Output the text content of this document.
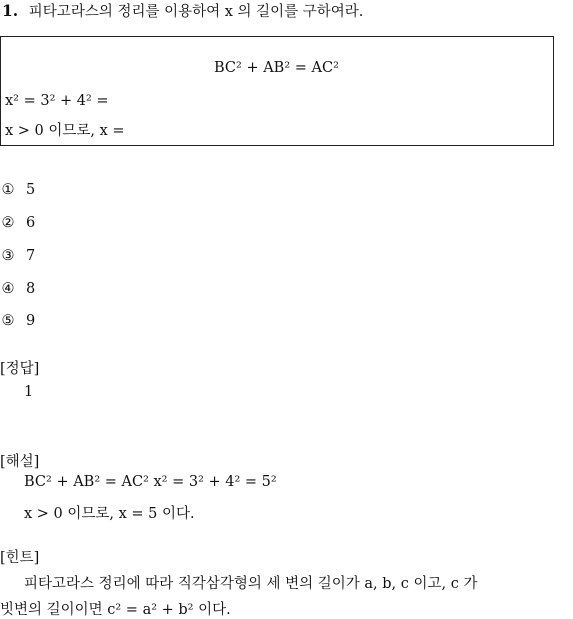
1. 피타고라스의 정리를 이용하여 x 의 길이를 구하여라.
BC² + AB² = AC²
x² = 3² + 4² =
x > 0 이므로, x =
① 5
② 6
③ 7
④ 8
⑤ 9
[정답]
1
[해설]
BC² + AB² = AC² x² = 3² + 4² = 5²
x > 0 이므로, x = 5 이다.
[힌트]
피타고라스 정리에 따라 직각삼각형의 세 변의 길이가 a, b, c 이고, c 가
빗변의 길이이면 c² = a² + b² 이다.
